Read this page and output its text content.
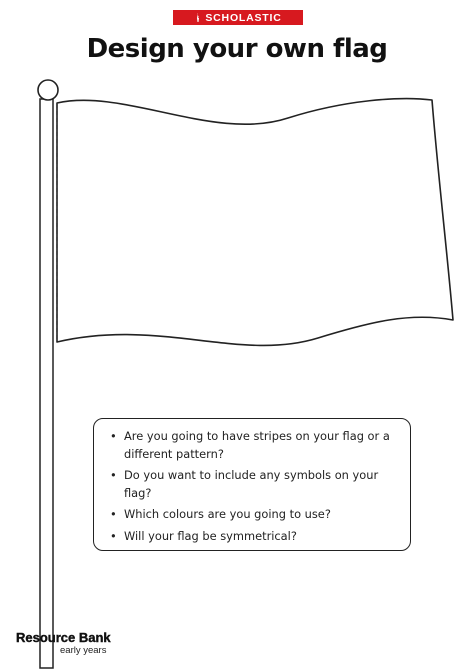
SCHOLASTIC
Design your own flag
• Are you going to have stripes on your flag or a different pattern?
• Do you want to include any symbols on your flag?
• Which colours are you going to use?
• Will your flag be symmetrical?
Resource Bank
early years
